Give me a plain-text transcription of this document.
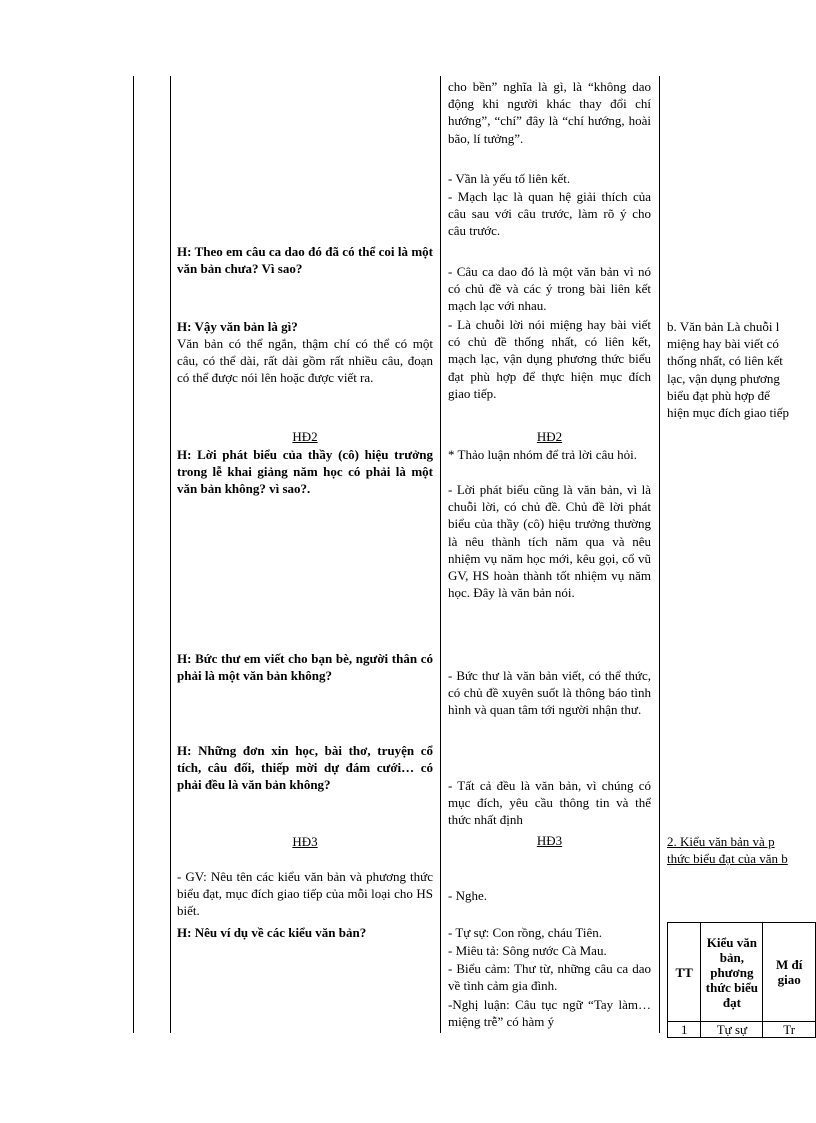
H: Theo em câu ca dao đó đã có thể coi là một văn bản chưa? Vì sao?
H: Vậy văn bản là gì?
Văn bản có thể ngắn, thậm chí có thể có một câu, có thể dài, rất dài gồm rất nhiều câu, đoạn có thể được nói lên hoặc được viết ra.
HĐ2
H: Lời phát biểu của thầy (cô) hiệu trưởng trong lễ khai giảng năm học có phải là một văn bản không? vì sao?.
H: Bức thư em viết cho bạn bè, người thân có phải là một văn bản không?
H: Những đơn xin học, bài thơ, truyện cổ tích, câu đối, thiếp mời dự đám cưới… có phải đều là văn bản không?
HĐ3
- GV: Nêu tên các kiểu văn bản và phương thức biểu đạt, mục đích giao tiếp của mỗi loại cho HS biết.
H: Nêu ví dụ về các kiểu văn bản?
cho bền” nghĩa là gì, là “không dao động khi người khác thay đổi chí hướng”, “chí” đây là “chí hướng, hoài bão, lí tưởng”.
- Vần là yếu tố liên kết.
- Mạch lạc là quan hệ giải thích của câu sau với câu trước, làm rõ ý cho câu trước.
- Câu ca dao đó là một văn bản vì nó có chủ đề và các ý trong bài liên kết mạch lạc với nhau.
- Là chuỗi lời nói miệng hay bài viết có chủ đề thống nhất, có liên kết, mạch lạc, vận dụng phương thức biểu đạt phù hợp để thực hiện mục đích giao tiếp.
HĐ2
* Thảo luận nhóm để trả lời câu hỏi.
- Lời phát biểu cũng là văn bản, vì là chuỗi lời, có chủ đề. Chủ đề lời phát biểu của thầy (cô) hiệu trưởng thường là nêu thành tích năm qua và nêu nhiệm vụ năm học mới, kêu gọi, cổ vũ GV, HS hoàn thành tốt nhiệm vụ năm học. Đây là văn bản nói.
- Bức thư là văn bản viết, có thể thức, có chủ đề xuyên suốt là thông báo tình hình và quan tâm tới người nhận thư.
- Tất cả đều là văn bản, vì chúng có mục đích, yêu cầu thông tin và thể thức nhất định
HĐ3
- Nghe.
- Tự sự: Con rồng, cháu Tiên.
- Miêu tả: Sông nước Cà Mau.
- Biểu cảm: Thư từ, những câu ca dao về tình cảm gia đình.
-Nghị luận: Câu tục ngữ “Tay làm… miệng trễ” có hàm ý
b. Văn bản Là chuỗi l
miệng hay bài viết có
thống nhất, có liên kết
lạc, vận dụng phương
biểu đạt phù hợp để
hiện mục đích giao tiếp
2. Kiểu văn bản và p
thức biểu đạt của văn b
TT	Kiểu văn bản, phương thức biểu đạt	M đí giao
1	Tự sự	Tr
